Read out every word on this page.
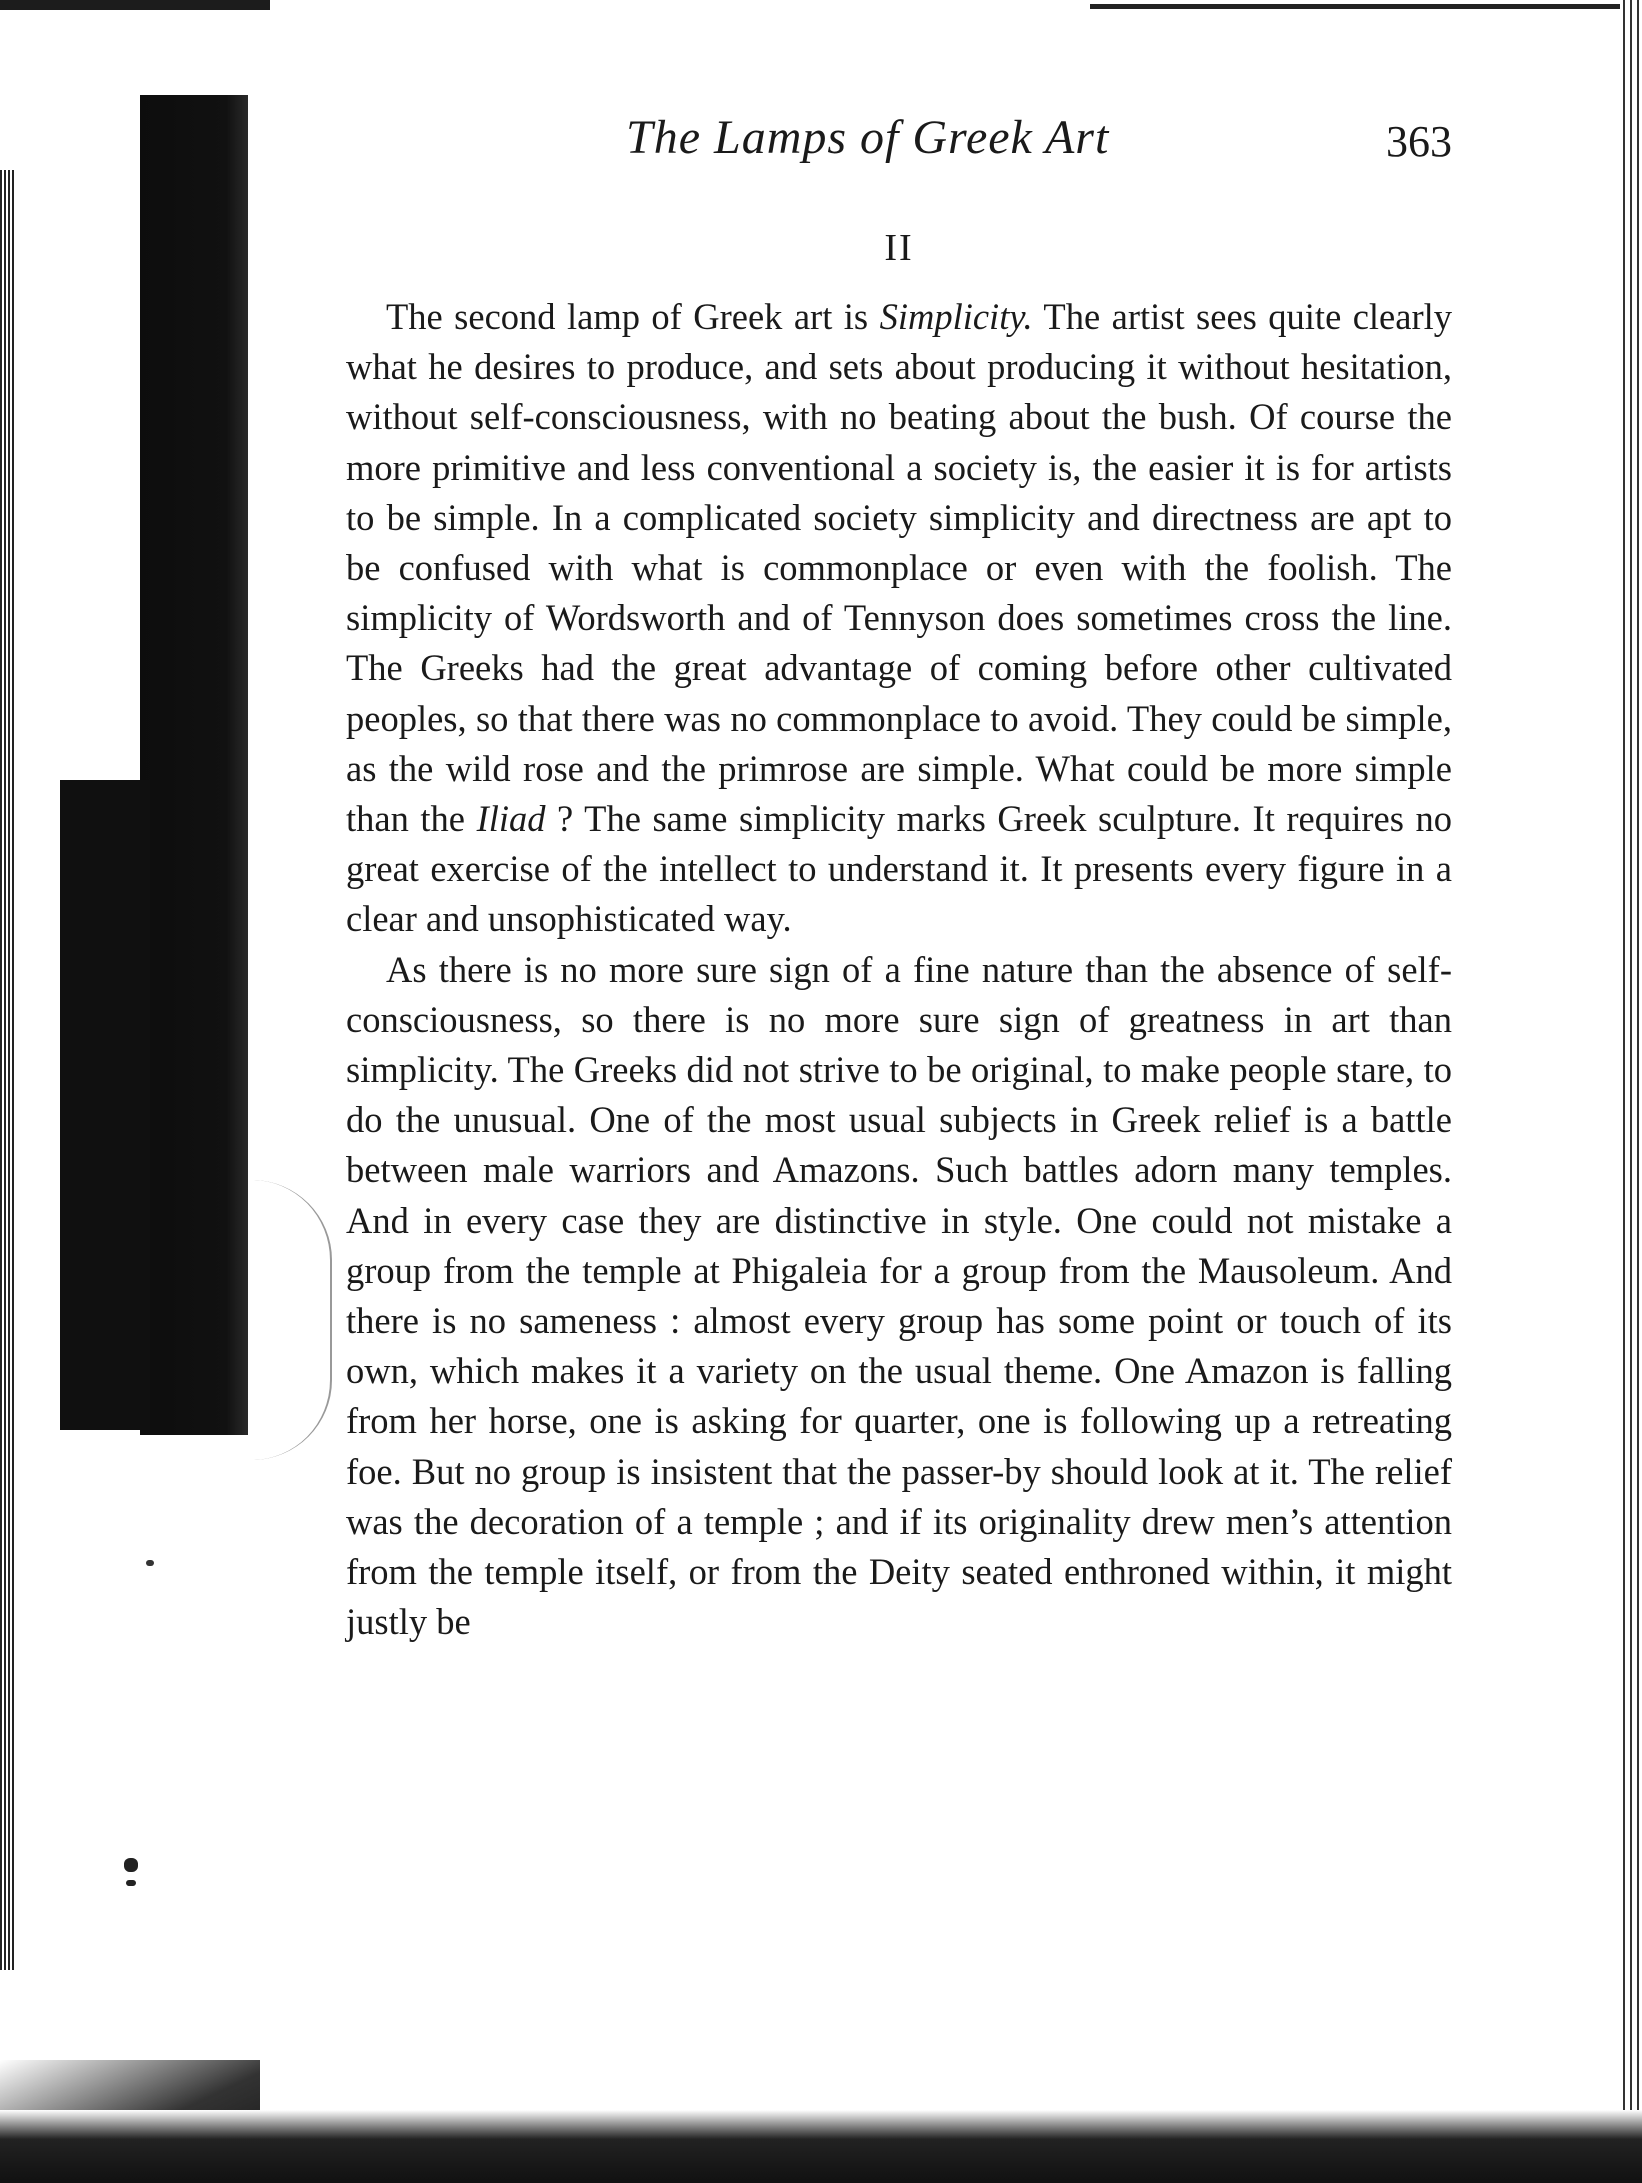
The Lamps of Greek Art	363
II

The second lamp of Greek art is Simplicity. The artist sees quite clearly what he desires to produce, and sets about producing it without hesitation, without self-consciousness, with no beating about the bush. Of course the more primitive and less conventional a society is, the easier it is for artists to be simple. In a complicated society simplicity and directness are apt to be confused with what is commonplace or even with the foolish. The simplicity of Wordsworth and of Tennyson does sometimes cross the line. The Greeks had the great advantage of coming before other cultivated peoples, so that there was no commonplace to avoid. They could be simple, as the wild rose and the primrose are simple. What could be more simple than the Iliad ? The same simplicity marks Greek sculpture. It requires no great exercise of the intellect to understand it. It presents every figure in a clear and unsophisticated way.

As there is no more sure sign of a fine nature than the absence of self-consciousness, so there is no more sure sign of greatness in art than simplicity. The Greeks did not strive to be original, to make people stare, to do the unusual. One of the most usual subjects in Greek relief is a battle between male warriors and Amazons. Such battles adorn many temples. And in every case they are distinctive in style. One could not mistake a group from the temple at Phigaleia for a group from the Mausoleum. And there is no sameness : almost every group has some point or touch of its own, which makes it a variety on the usual theme. One Amazon is falling from her horse, one is asking for quarter, one is following up a retreating foe. But no group is insistent that the passer-by should look at it. The relief was the decoration of a temple ; and if its originality drew men’s attention from the temple itself, or from the Deity seated enthroned within, it might justly be
